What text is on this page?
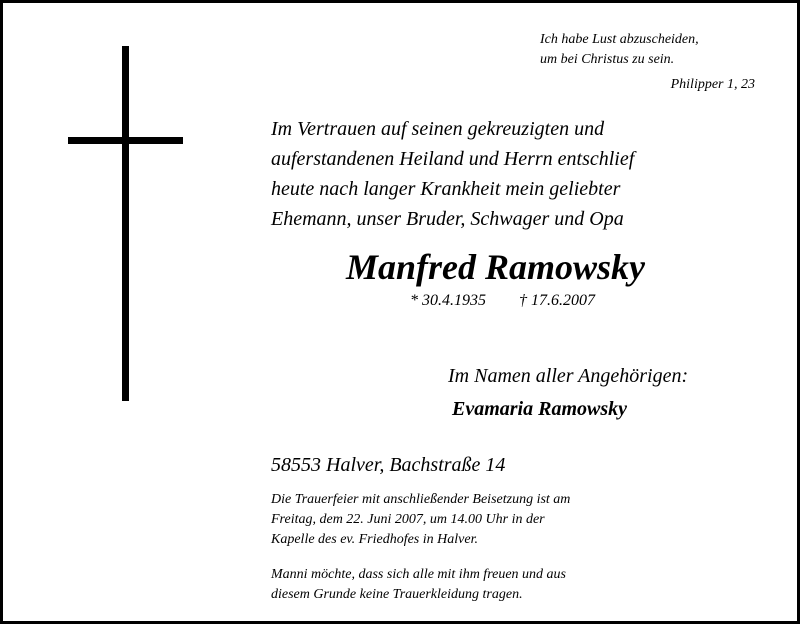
Ich habe Lust abzuscheiden,
um bei Christus zu sein.
Philipper 1, 23
Im Vertrauen auf seinen gekreuzigten und
auferstandenen Heiland und Herrn entschlief
heute nach langer Krankheit mein geliebter
Ehemann, unser Bruder, Schwager und Opa
Manfred Ramowsky
* 30.4.1935 † 17.6.2007
Im Namen aller Angehörigen:
Evamaria Ramowsky
58553 Halver, Bachstraße 14
Die Trauerfeier mit anschließender Beisetzung ist am
Freitag, dem 22. Juni 2007, um 14.00 Uhr in der
Kapelle des ev. Friedhofes in Halver.
Manni möchte, dass sich alle mit ihm freuen und aus
diesem Grunde keine Trauerkleidung tragen.
